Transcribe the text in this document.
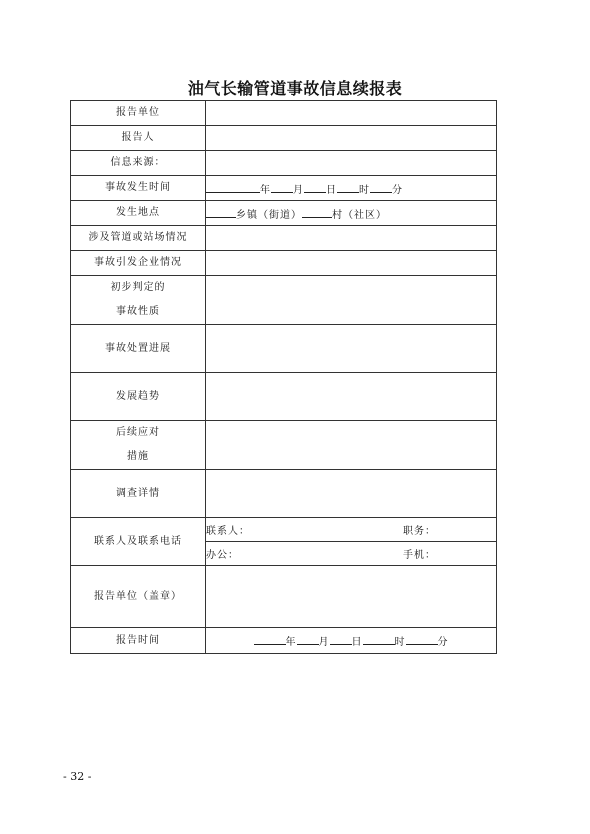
油气长输管道事故信息续报表
报告单位	
报告人	
信息来源：	
事故发生时间	年 月 日 时 分
发生地点	乡镇（街道） 村（社区）
涉及管道或站场情况	
事故引发企业情况	

初步判定的
事故性质	

事故处置进展	
发展趋势	

后续应对
措施	

调查详情	
联系人及联系电话	联系人： 职务：

	办公： 手机：

报告单位（盖章）	
报告时间	年 月 日 时 分
- 32 -
